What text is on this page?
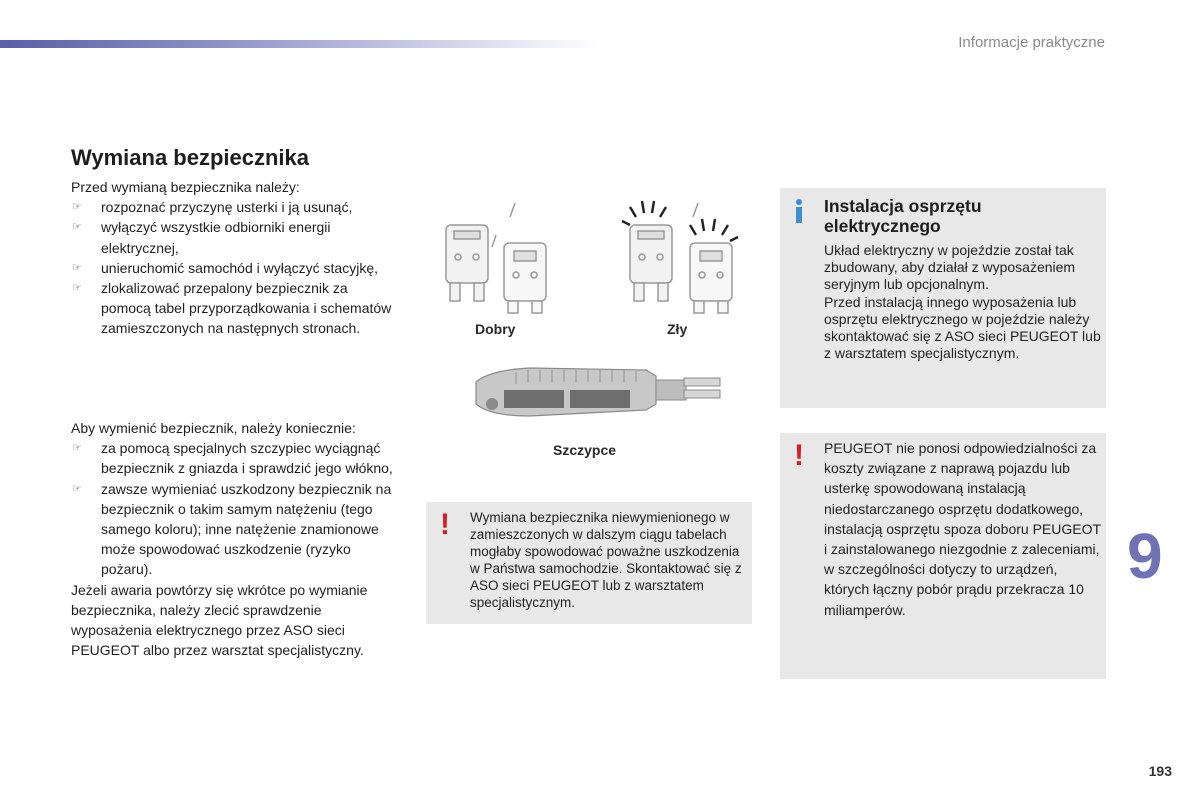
Informacje praktyczne
Wymiana bezpiecznika

Przed wymianą bezpiecznika należy:

☞	rozpoznać przyczynę usterki i ją usunąć,
☞	wyłączyć wszystkie odbiorniki energii elektrycznej,
☞	unieruchomić samochód i wyłączyć stacyjkę,
☞	zlokalizować przepalony bezpiecznik za pomocą tabel przyporządkowania i schematów zamieszczonych na następnych stronach.

Aby wymienić bezpiecznik, należy koniecznie:

☞	za pomocą specjalnych szczypiec wyciągnąć bezpiecznik z gniazda i sprawdzić jego włókno,
☞	zawsze wymieniać uszkodzony bezpiecznik na bezpiecznik o takim samym natężeniu (tego samego koloru); inne natężenie znamionowe może spowodować uszkodzenie (ryzyko pożaru).

Jeżeli awaria powtórzy się wkrótce po wymianie bezpiecznika, należy zlecić sprawdzenie wyposażenia elektrycznego przez ASO sieci PEUGEOT albo przez warsztat specjalistyczny.

Dobry	Zły
Szczypce
! Wymiana bezpiecznika niewymienionego w zamieszczonych w dalszym ciągu tabelach mogłaby spowodować poważne uszkodzenia w Państwa samochodzie. Skontaktować się z ASO sieci PEUGEOT lub z warsztatem specjalistycznym.
Instalacja osprzętu elektrycznego
Układ elektryczny w pojeździe został tak zbudowany, aby działał z wyposażeniem seryjnym lub opcjonalnym.
Przed instalacją innego wyposażenia lub osprzętu elektrycznego w pojeździe należy skontaktować się z ASO sieci PEUGEOT lub z warsztatem specjalistycznym.
! PEUGEOT nie ponosi odpowiedzialności za koszty związane z naprawą pojazdu lub usterkę spowodowaną instalacją niedostarczanego osprzętu dodatkowego, instalacją osprzętu spoza doboru PEUGEOT i zainstalowanego niezgodnie z zaleceniami, w szczególności dotyczy to urządzeń, których łączny pobór prądu przekracza 10 miliamperów.
9
193
